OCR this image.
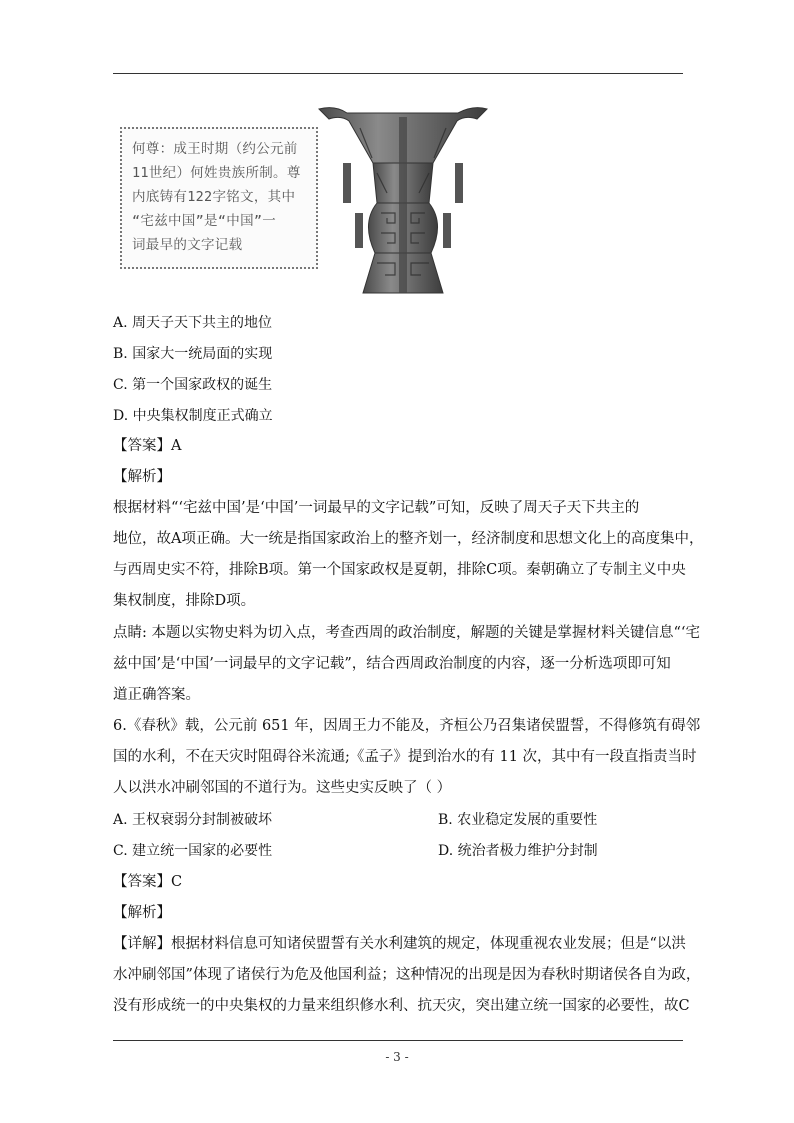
何尊：成王时期（约公元前

11世纪）何姓贵族所制。尊

内底铸有122字铭文，其中

“宅兹中国”是“中国”一

词最早的文字记载

A. 周天子天下共主的地位
B. 国家大一统局面的实现
C. 第一个国家政权的诞生
D. 中央集权制度正式确立
【答案】A
【解析】
根据材料“‘宅兹中国’是‘中国’一词最早的文字记载”可知，反映了周天子天下共主的
地位，故A项正确。大一统是指国家政治上的整齐划一，经济制度和思想文化上的高度集中，
与西周史实不符，排除B项。第一个国家政权是夏朝，排除C项。秦朝确立了专制主义中央
集权制度，排除D项。
点睛: 本题以实物史料为切入点，考查西周的政治制度，解题的关键是掌握材料关键信息“‘宅
兹中国’是‘中国’一词最早的文字记载”，结合西周政治制度的内容，逐一分析选项即可知
道正确答案。
6.《春秋》载，公元前 651 年，因周王力不能及，齐桓公乃召集诸侯盟誓，不得修筑有碍邻
国的水利，不在天灾时阻碍谷米流通;《孟子》提到治水的有 11 次，其中有一段直指责当时
人以洪水冲刷邻国的不道行为。这些史实反映了（ ）
A. 王权衰弱分封制被破坏	B. 农业稳定发展的重要性
C. 建立统一国家的必要性	D. 统治者极力维护分封制
【答案】C
【解析】
【详解】根据材料信息可知诸侯盟誓有关水利建筑的规定，体现重视农业发展；但是“以洪
水冲刷邻国”体现了诸侯行为危及他国利益；这种情况的出现是因为春秋时期诸侯各自为政，
没有形成统一的中央集权的力量来组织修水利、抗天灾，突出建立统一国家的必要性，故C
- 3 -
